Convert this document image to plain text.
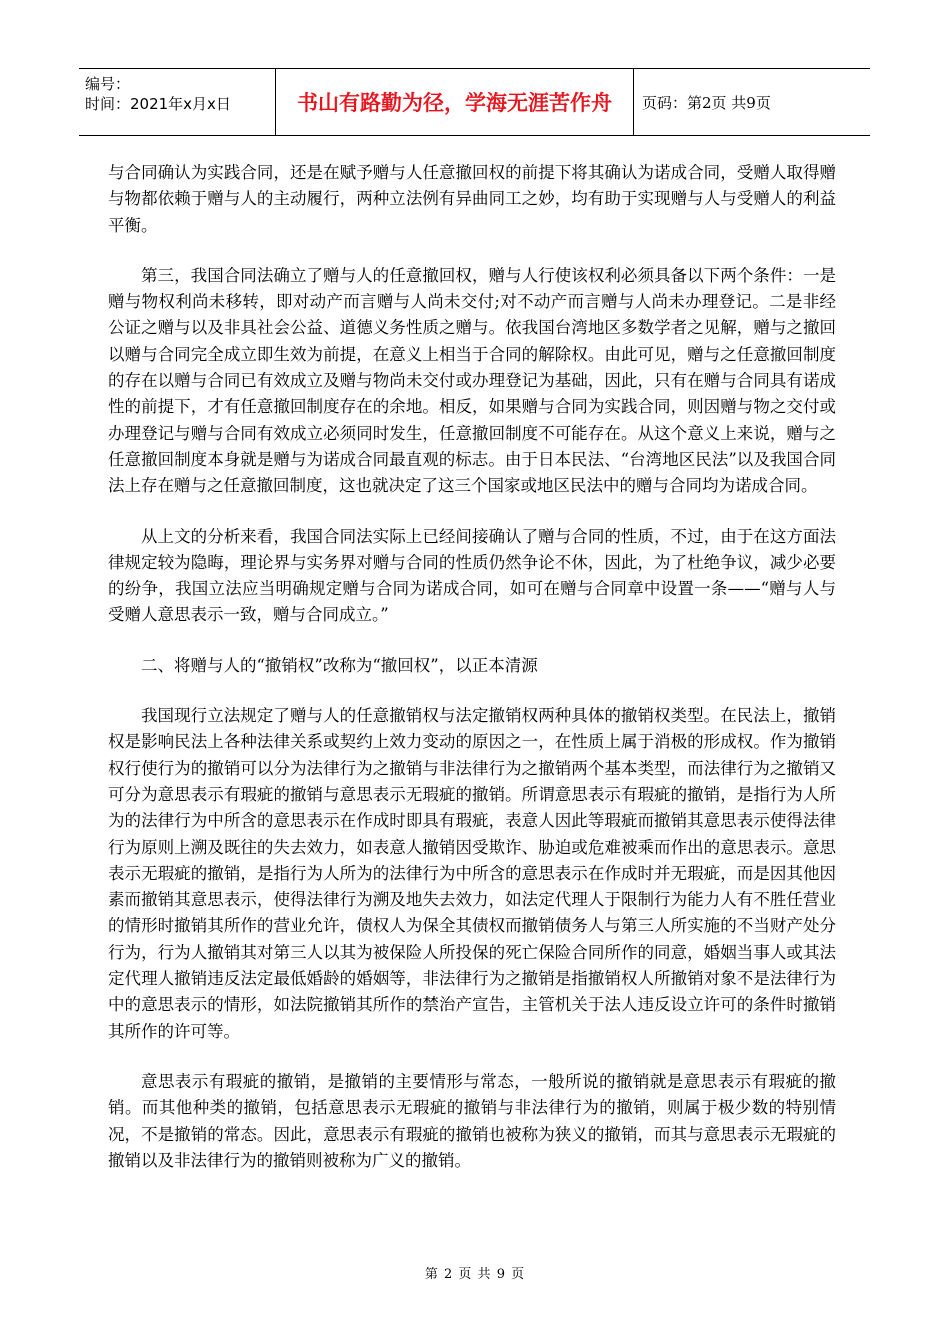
编号：
时间：2021年x月x日	书山有路勤为径，学海无涯苦作舟	页码：第2页 共9页

与合同确认为实践合同，还是在赋予赠与人任意撤回权的前提下将其确认为诺成合同，受赠人取得赠与物都依赖于赠与人的主动履行，两种立法例有异曲同工之妙，均有助于实现赠与人与受赠人的利益平衡。

第三，我国合同法确立了赠与人的任意撤回权，赠与人行使该权利必须具备以下两个条件：一是赠与物权利尚未移转，即对动产而言赠与人尚未交付;对不动产而言赠与人尚未办理登记。二是非经公证之赠与以及非具社会公益、道德义务性质之赠与。依我国台湾地区多数学者之见解，赠与之撤回以赠与合同完全成立即生效为前提，在意义上相当于合同的解除权。由此可见，赠与之任意撤回制度的存在以赠与合同已有效成立及赠与物尚未交付或办理登记为基础，因此，只有在赠与合同具有诺成性的前提下，才有任意撤回制度存在的余地。相反，如果赠与合同为实践合同，则因赠与物之交付或办理登记与赠与合同有效成立必须同时发生，任意撤回制度不可能存在。从这个意义上来说，赠与之任意撤回制度本身就是赠与为诺成合同最直观的标志。由于日本民法、“台湾地区民法”以及我国合同法上存在赠与之任意撤回制度，这也就决定了这三个国家或地区民法中的赠与合同均为诺成合同。

从上文的分析来看，我国合同法实际上已经间接确认了赠与合同的性质，不过，由于在这方面法律规定较为隐晦，理论界与实务界对赠与合同的性质仍然争论不休，因此，为了杜绝争议，减少必要的纷争，我国立法应当明确规定赠与合同为诺成合同，如可在赠与合同章中设置一条——“赠与人与受赠人意思表示一致，赠与合同成立。”

二、将赠与人的“撤销权”改称为“撤回权”，以正本清源

我国现行立法规定了赠与人的任意撤销权与法定撤销权两种具体的撤销权类型。在民法上，撤销权是影响民法上各种法律关系或契约上效力变动的原因之一，在性质上属于消极的形成权。作为撤销权行使行为的撤销可以分为法律行为之撤销与非法律行为之撤销两个基本类型，而法律行为之撤销又可分为意思表示有瑕疵的撤销与意思表示无瑕疵的撤销。所谓意思表示有瑕疵的撤销，是指行为人所为的法律行为中所含的意思表示在作成时即具有瑕疵，表意人因此等瑕疵而撤销其意思表示使得法律行为原则上溯及既往的失去效力，如表意人撤销因受欺诈、胁迫或危难被乘而作出的意思表示。意思表示无瑕疵的撤销，是指行为人所为的法律行为中所含的意思表示在作成时并无瑕疵，而是因其他因素而撤销其意思表示，使得法律行为溯及地失去效力，如法定代理人于限制行为能力人有不胜任营业的情形时撤销其所作的营业允许，债权人为保全其债权而撤销债务人与第三人所实施的不当财产处分行为，行为人撤销其对第三人以其为被保险人所投保的死亡保险合同所作的同意，婚姻当事人或其法定代理人撤销违反法定最低婚龄的婚姻等，非法律行为之撤销是指撤销权人所撤销对象不是法律行为中的意思表示的情形，如法院撤销其所作的禁治产宣告，主管机关于法人违反设立许可的条件时撤销其所作的许可等。

意思表示有瑕疵的撤销，是撤销的主要情形与常态，一般所说的撤销就是意思表示有瑕疵的撤销。而其他种类的撤销，包括意思表示无瑕疵的撤销与非法律行为的撤销，则属于极少数的特别情况，不是撤销的常态。因此，意思表示有瑕疵的撤销也被称为狭义的撤销，而其与意思表示无瑕疵的撤销以及非法律行为的撤销则被称为广义的撤销。

第 2 页 共 9 页
